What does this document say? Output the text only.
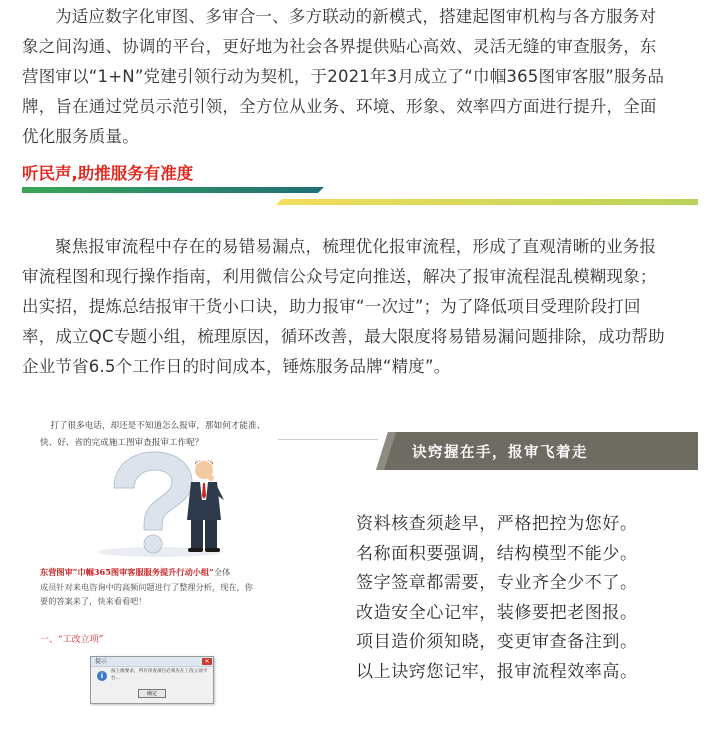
为适应数字化审图、多审合一、多方联动的新模式，搭建起图审机构与各方服务对
象之间沟通、协调的平台，更好地为社会各界提供贴心高效、灵活无缝的审查服务，东
营图审以“1+N”党建引领行动为契机，于2021年3月成立了“巾帼365图审客服”服务品
牌，旨在通过党员示范引领，全方位从业务、环境、形象、效率四方面进行提升，全面
优化服务质量。
听民声,助推服务有准度
聚焦报审流程中存在的易错易漏点，梳理优化报审流程，形成了直观清晰的业务报
审流程图和现行操作指南，利用微信公众号定向推送，解决了报审流程混乱模糊现象；
出实招，提炼总结报审干货小口诀，助力报审“一次过”；为了降低项目受理阶段打回
率，成立QC专题小组，梳理原因，循环改善，最大限度将易错易漏问题排除，成功帮助
企业节省6.5个工作日的时间成本，锤炼服务品牌“精度”。
打了很多电话，却还是不知道怎么报审，那如何才能准、
快、好、省的完成施工图审查报审工作呢？
东营图审“巾帼365图审客服服务提升行动小组”全体
成员针对来电咨询中的高频问题进行了整理分析，现在，你
要的答案来了，快来看看吧！

一、“工改立项”

提示	✕
i
按上级要求，所有审查项目必须先在工改立项平台...
确定
诀窍握在手，报审飞着走
资料核查须趁早，严格把控为您好。
名称面积要强调，结构模型不能少。
签字签章都需要，专业齐全少不了。
改造安全心记牢，装修要把老图报。
项目造价须知晓，变更审查备注到。
以上诀窍您记牢，报审流程效率高。
